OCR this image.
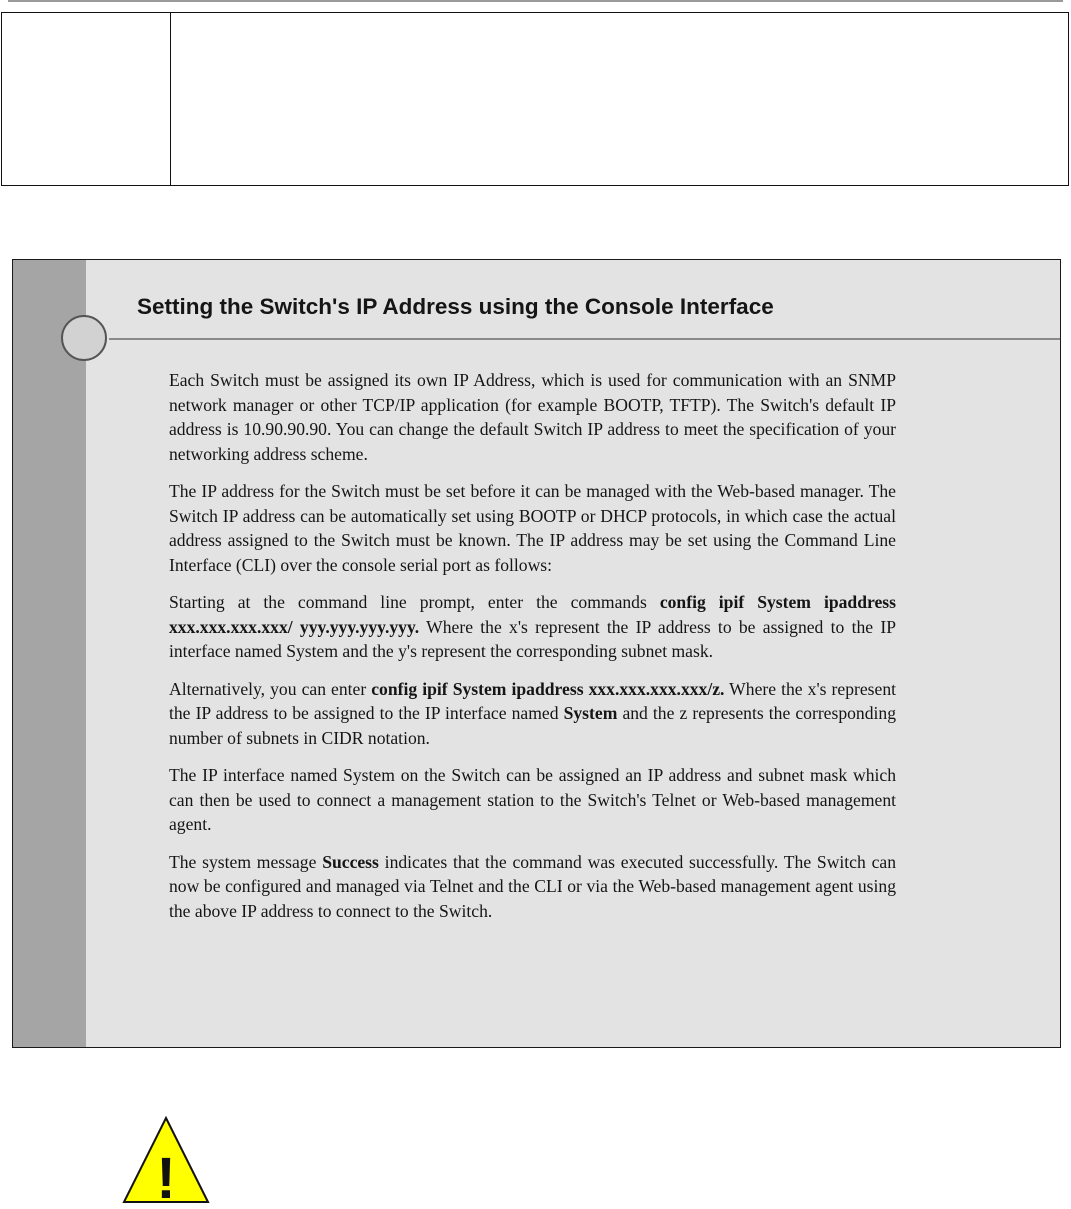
Setting the Switch's IP Address using the Console Interface

Each Switch must be assigned its own IP Address, which is used for communication with an SNMP network manager or other TCP/IP application (for example BOOTP, TFTP). The Switch's default IP address is 10.90.90.90. You can change the default Switch IP address to meet the specification of your networking address scheme.

The IP address for the Switch must be set before it can be managed with the Web-based manager. The Switch IP address can be automatically set using BOOTP or DHCP protocols, in which case the actual address assigned to the Switch must be known. The IP address may be set using the Command Line Interface (CLI) over the console serial port as follows:

Starting at the command line prompt, enter the commands config ipif System ipaddress xxx.xxx.xxx.xxx/ yyy.yyy.yyy.yyy. Where the x's represent the IP address to be assigned to the IP interface named System and the y's represent the corresponding subnet mask.

Alternatively, you can enter config ipif System ipaddress xxx.xxx.xxx.xxx/z. Where the x's represent the IP address to be assigned to the IP interface named System and the z represents the corresponding number of subnets in CIDR notation.

The IP interface named System on the Switch can be assigned an IP address and subnet mask which can then be used to connect a management station to the Switch's Telnet or Web-based management agent.

The system message Success indicates that the command was executed successfully. The Switch can now be configured and managed via Telnet and the CLI or via the Web-based management agent using the above IP address to connect to the Switch.

!
